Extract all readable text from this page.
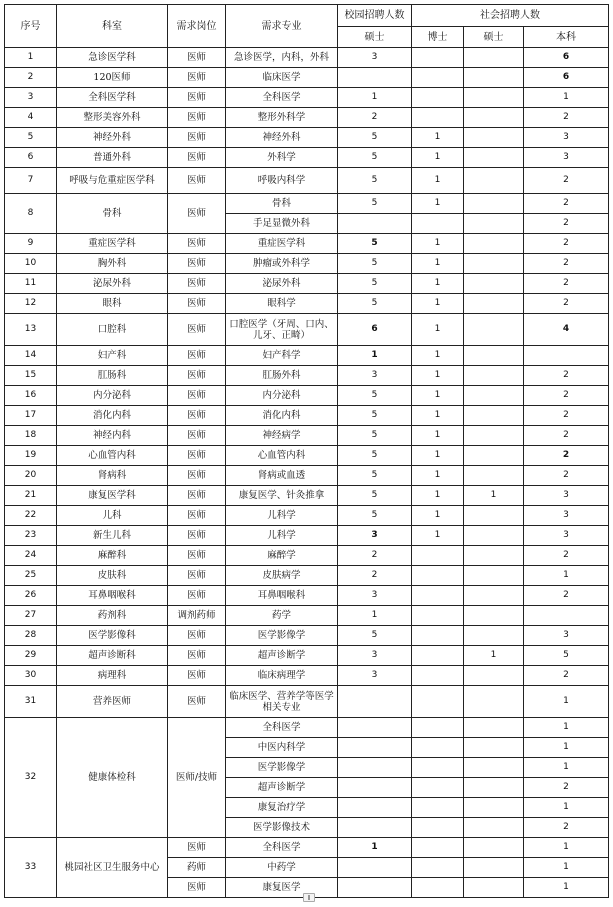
序号	科室	需求岗位	需求专业	校园招聘人数	社会招聘人数		
				硕士	博士	硕士	本科
1	急诊医学科	医师	急诊医学，内科，外科	3			6
2	120医师	医师	临床医学				6
3	全科医学科	医师	全科医学	1			1
4	整形美容外科	医师	整形外科学	2			2
5	神经外科	医师	神经外科	5	1		3
6	普通外科	医师	外科学	5	1		3
7	呼吸与危重症医学科	医师	呼吸内科学	5	1		2
8	骨科	医师	骨科	5	1		2
			手足显微外科				2
9	重症医学科	医师	重症医学科	5	1		2
10	胸外科	医师	肿瘤或外科学	5	1		2
11	泌尿外科	医师	泌尿外科	5	1		2
12	眼科	医师	眼科学	5	1		2
13	口腔科	医师	口腔医学（牙周、口内、儿牙、正畸）	6	1		4
14	妇产科	医师	妇产科学	1	1		
15	肛肠科	医师	肛肠外科	3	1		2
16	内分泌科	医师	内分泌科	5	1		2
17	消化内科	医师	消化内科	5	1		2
18	神经内科	医师	神经病学	5	1		2
19	心血管内科	医师	心血管内科	5	1		2
20	肾病科	医师	肾病或血透	5	1		2
21	康复医学科	医师	康复医学、针灸推拿	5	1	1	3
22	儿科	医师	儿科学	5	1		3
23	新生儿科	医师	儿科学	3	1		3
24	麻醉科	医师	麻醉学	2			2
25	皮肤科	医师	皮肤病学	2			1
26	耳鼻咽喉科	医师	耳鼻咽喉科	3			2
27	药剂科	调剂药师	药学	1			
28	医学影像科	医师	医学影像学	5			3
29	超声诊断科	医师	超声诊断学	3		1	5
30	病理科	医师	临床病理学	3			2
31	营养医师	医师	临床医学、营养学等医学相关专业				1
32	健康体检科	医师/技师	全科医学				1
			中医内科学				1
			医学影像学				1
			超声诊断学				2
			康复治疗学				1
			医学影像技术				2
33	桃园社区卫生服务中心	医师	全科医学	1			1
		药师	中药学				1
		医师	康复医学				1
